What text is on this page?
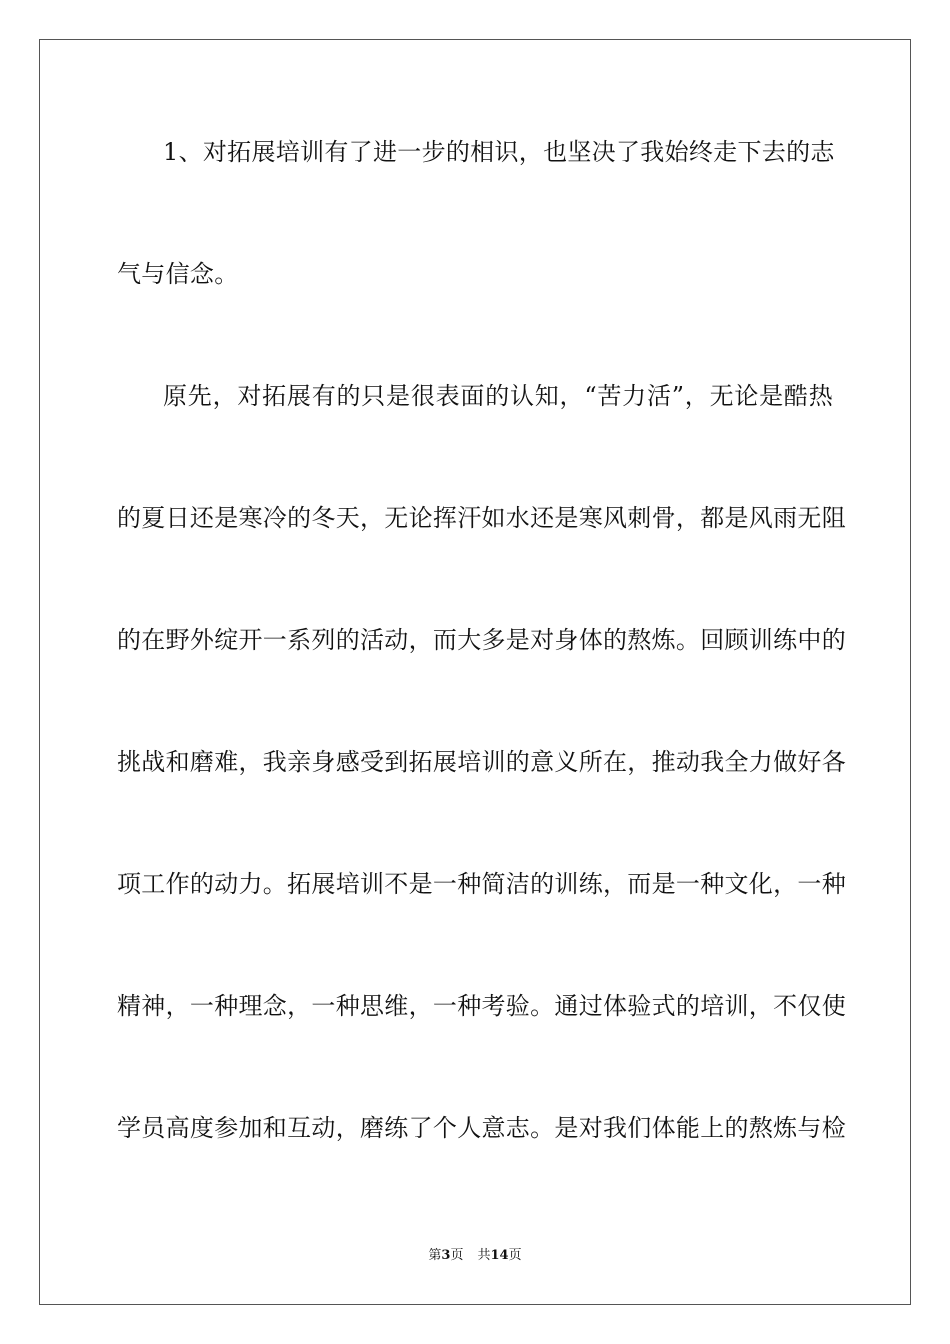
1、对拓展培训有了进一步的相识，也坚决了我始终走下去的志
气与信念。
原先，对拓展有的只是很表面的认知，“苦力活”，无论是酷热
的夏日还是寒冷的冬天，无论挥汗如水还是寒风刺骨，都是风雨无阻
的在野外绽开一系列的活动，而大多是对身体的熬炼。回顾训练中的
挑战和磨难，我亲身感受到拓展培训的意义所在，推动我全力做好各
项工作的动力。拓展培训不是一种简洁的训练，而是一种文化，一种
精神，一种理念，一种思维，一种考验。通过体验式的培训，不仅使
学员高度参加和互动，磨练了个人意志。是对我们体能上的熬炼与检
第3页 共14页
